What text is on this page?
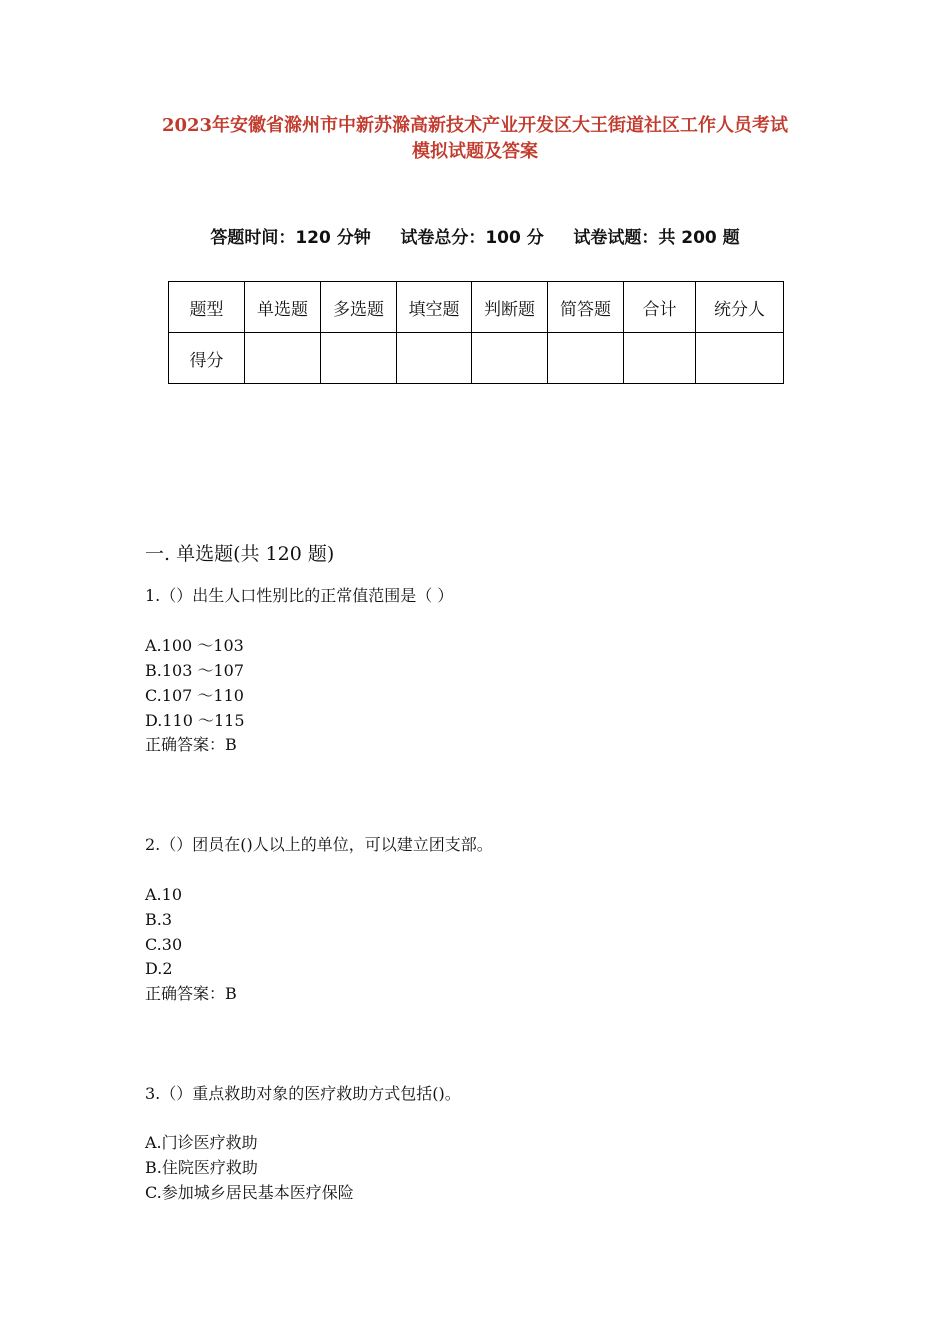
2023年安徽省滁州市中新苏滁高新技术产业开发区大王街道社区工作人员考试
模拟试题及答案
答题时间：120 分钟     试卷总分：100 分     试卷试题：共 200 题
题型	单选题	多选题	填空题	判断题	简答题	合计	统分人
得分							
一. 单选题(共 120 题)
1.（）出生人口性别比的正常值范围是（ ）
A.100 ～103
B.103 ～107
C.107 ～110
D.110 ～115
正确答案：B
2.（）团员在()人以上的单位，可以建立团支部。
A.10
B.3
C.30
D.2
正确答案：B
3.（）重点救助对象的医疗救助方式包括()。
A.门诊医疗救助
B.住院医疗救助
C.参加城乡居民基本医疗保险
